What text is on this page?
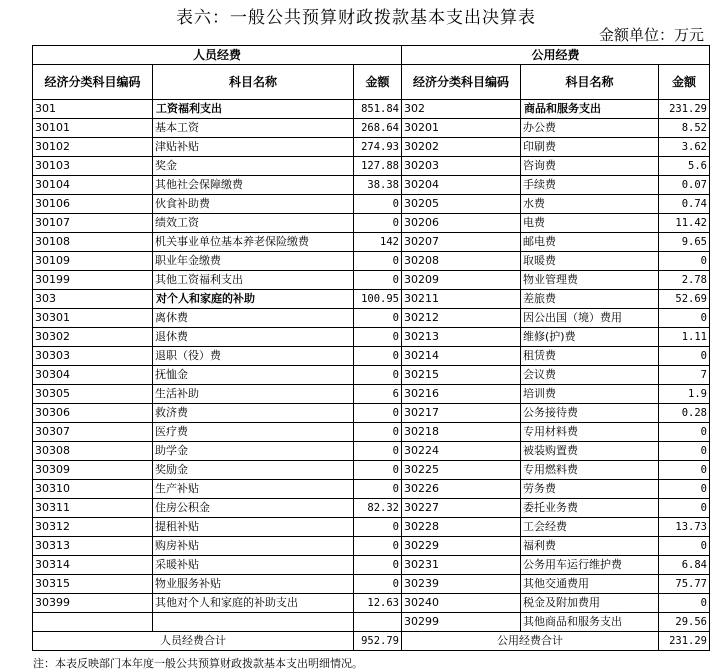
表六：一般公共预算财政拨款基本支出决算表
金额单位：万元
人员经费			公用经费		
经济分类科目编码	科目名称	金额	经济分类科目编码	科目名称	金额
301	工资福利支出	851.84	302	商品和服务支出	231.29
30101	基本工资	268.64	30201	办公费	8.52
30102	津贴补贴	274.93	30202	印刷费	3.62
30103	奖金	127.88	30203	咨询费	5.6
30104	其他社会保障缴费	38.38	30204	手续费	0.07
30106	伙食补助费	0	30205	水费	0.74
30107	绩效工资	0	30206	电费	11.42
30108	机关事业单位基本养老保险缴费	142	30207	邮电费	9.65
30109	职业年金缴费	0	30208	取暖费	0
30199	其他工资福利支出	0	30209	物业管理费	2.78
303	对个人和家庭的补助	100.95	30211	差旅费	52.69
30301	离休费	0	30212	因公出国（境）费用	0
30302	退休费	0	30213	维修(护)费	1.11
30303	退职（役）费	0	30214	租赁费	0
30304	抚恤金	0	30215	会议费	7
30305	生活补助	6	30216	培训费	1.9
30306	救济费	0	30217	公务接待费	0.28
30307	医疗费	0	30218	专用材料费	0
30308	助学金	0	30224	被装购置费	0
30309	奖励金	0	30225	专用燃料费	0
30310	生产补贴	0	30226	劳务费	0
30311	住房公积金	82.32	30227	委托业务费	0
30312	提租补贴	0	30228	工会经费	13.73
30313	购房补贴	0	30229	福利费	0
30314	采暖补贴	0	30231	公务用车运行维护费	6.84
30315	物业服务补贴	0	30239	其他交通费用	75.77
30399	其他对个人和家庭的补助支出	12.63	30240	税金及附加费用	0
			30299	其他商品和服务支出	29.56
人员经费合计		952.79	公用经费合计		231.29
注：本表反映部门本年度一般公共预算财政拨款基本支出明细情况。
